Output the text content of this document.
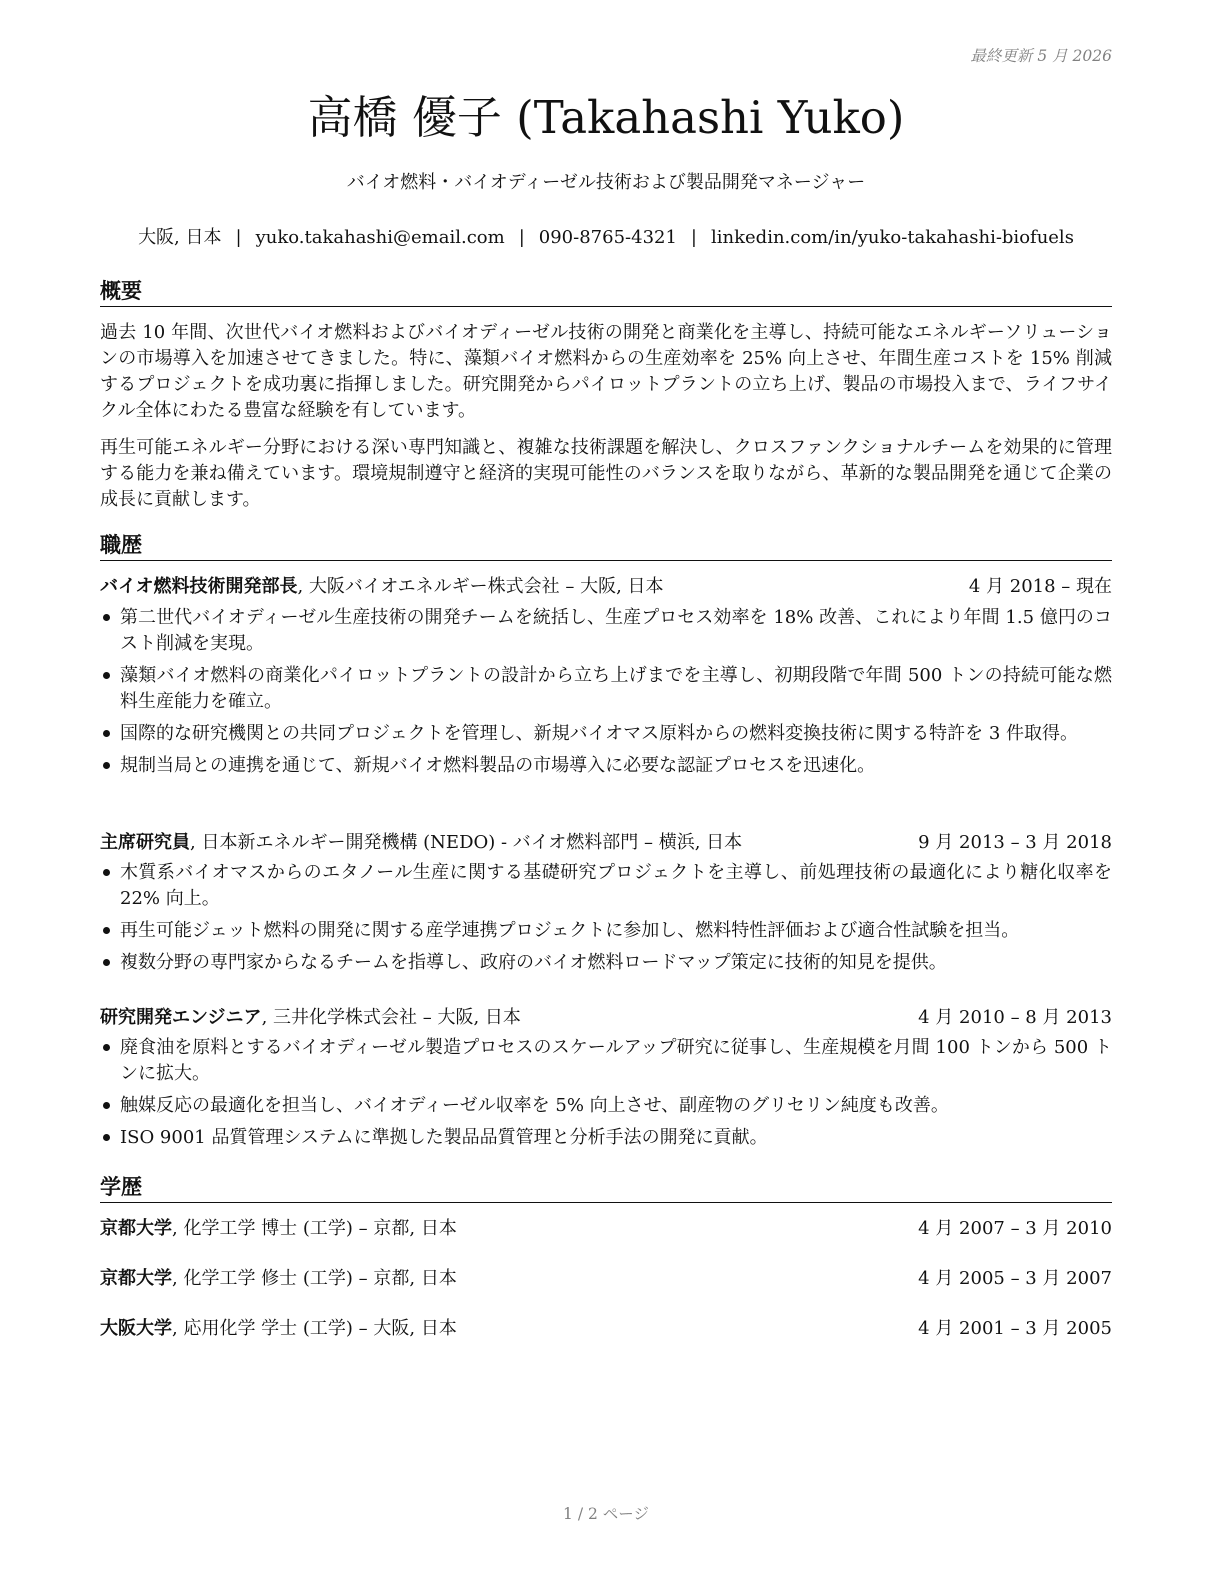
最終更新 5 月 2026
高橋 優子 (Takahashi Yuko)
バイオ燃料・バイオディーゼル技術および製品開発マネージャー
大阪, 日本 | yuko.takahashi@email.com | 090-8765-4321 | linkedin.com/in/yuko-takahashi-biofuels
概要
過去 10 年間、次世代バイオ燃料およびバイオディーゼル技術の開発と商業化を主導し、持続可能なエネルギーソリューションの市場導入を加速させてきました。特に、藻類バイオ燃料からの生産効率を 25% 向上させ、年間生産コストを 15% 削減するプロジェクトを成功裏に指揮しました。研究開発からパイロットプラントの立ち上げ、製品の市場投入まで、ライフサイクル全体にわたる豊富な経験を有しています。
再生可能エネルギー分野における深い専門知識と、複雑な技術課題を解決し、クロスファンクショナルチームを効果的に管理する能力を兼ね備えています。環境規制遵守と経済的実現可能性のバランスを取りながら、革新的な製品開発を通じて企業の成長に貢献します。
職歴
バイオ燃料技術開発部長, 大阪バイオエネルギー株式会社 – 大阪, 日本	4 月 2018 – 現在
第二世代バイオディーゼル生産技術の開発チームを統括し、生産プロセス効率を 18% 改善、これにより年間 1.5 億円のコスト削減を実現。
藻類バイオ燃料の商業化パイロットプラントの設計から立ち上げまでを主導し、初期段階で年間 500 トンの持続可能な燃料生産能力を確立。
国際的な研究機関との共同プロジェクトを管理し、新規バイオマス原料からの燃料変換技術に関する特許を 3 件取得。
規制当局との連携を通じて、新規バイオ燃料製品の市場導入に必要な認証プロセスを迅速化。
主席研究員, 日本新エネルギー開発機構 (NEDO) - バイオ燃料部門 – 横浜, 日本	9 月 2013 – 3 月 2018
木質系バイオマスからのエタノール生産に関する基礎研究プロジェクトを主導し、前処理技術の最適化により糖化収率を 22% 向上。
再生可能ジェット燃料の開発に関する産学連携プロジェクトに参加し、燃料特性評価および適合性試験を担当。
複数分野の専門家からなるチームを指導し、政府のバイオ燃料ロードマップ策定に技術的知見を提供。
研究開発エンジニア, 三井化学株式会社 – 大阪, 日本	4 月 2010 – 8 月 2013
廃食油を原料とするバイオディーゼル製造プロセスのスケールアップ研究に従事し、生産規模を月間 100 トンから 500 トンに拡大。
触媒反応の最適化を担当し、バイオディーゼル収率を 5% 向上させ、副産物のグリセリン純度も改善。
ISO 9001 品質管理システムに準拠した製品品質管理と分析手法の開発に貢献。
学歴
京都大学, 化学工学 博士 (工学) – 京都, 日本	4 月 2007 – 3 月 2010
京都大学, 化学工学 修士 (工学) – 京都, 日本	4 月 2005 – 3 月 2007
大阪大学, 応用化学 学士 (工学) – 大阪, 日本	4 月 2001 – 3 月 2005
1 / 2 ページ
